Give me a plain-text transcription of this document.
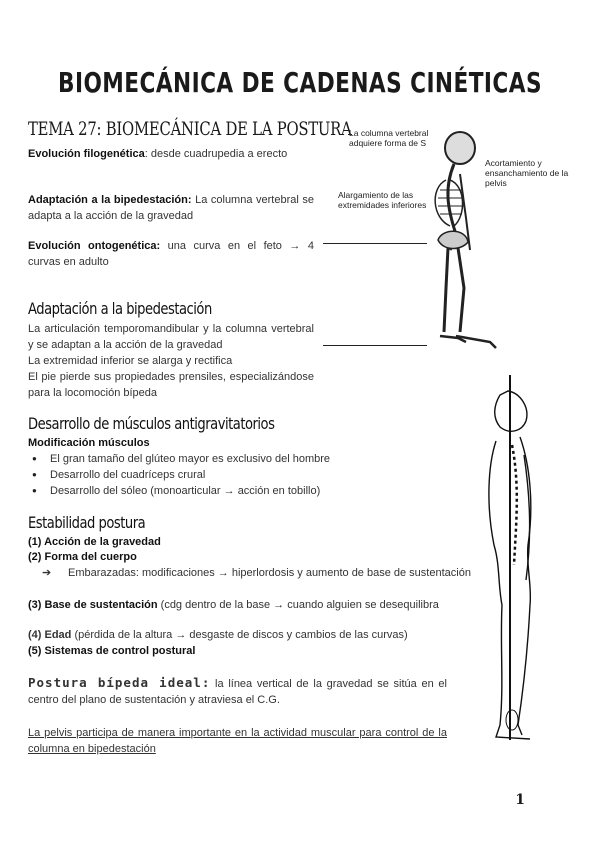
BIOMECÁNICA DE CADENAS CINÉTICAS
TEMA 27: BIOMECÁNICA DE LA POSTURA
Evolución filogenética: desde cuadrupedia a erecto
Adaptación a la bipedestación: La columna vertebral se adapta a la acción de la gravedad
Evolución ontogenética: una curva en el feto → 4 curvas en adulto
Adaptación a la bipedestación
La articulación temporomandibular y la columna vertebral y se adaptan a la acción de la gravedad
La extremidad inferior se alarga y rectifica
El pie pierde sus propiedades prensiles, especializándose para la locomoción bípeda
Desarrollo de músculos antigravitatorios
Modificación músculos
● El gran tamaño del glúteo mayor es exclusivo del hombre
● Desarrollo del cuadríceps crural
● Desarrollo del sóleo (monoarticular → acción en tobillo)
Estabilidad postura
(1) Acción de la gravedad
(2) Forma del cuerpo
➔ Embarazadas: modificaciones → hiperlordosis y aumento de base de sustentación
(3) Base de sustentación (cdg dentro de la base → cuando alguien se desequilibra
(4) Edad (pérdida de la altura → desgaste de discos y cambios de las curvas)
(5) Sistemas de control postural
Postura bípeda ideal: la línea vertical de la gravedad se sitúa en el centro del plano de sustentación y atraviesa el C.G.
La pelvis participa de manera importante en la actividad muscular para control de la columna en bipedestación
1
La columna vertebral adquiere forma de S
Alargamiento de las extremidades inferiores
Acortamiento y ensanchamiento de la pelvis
